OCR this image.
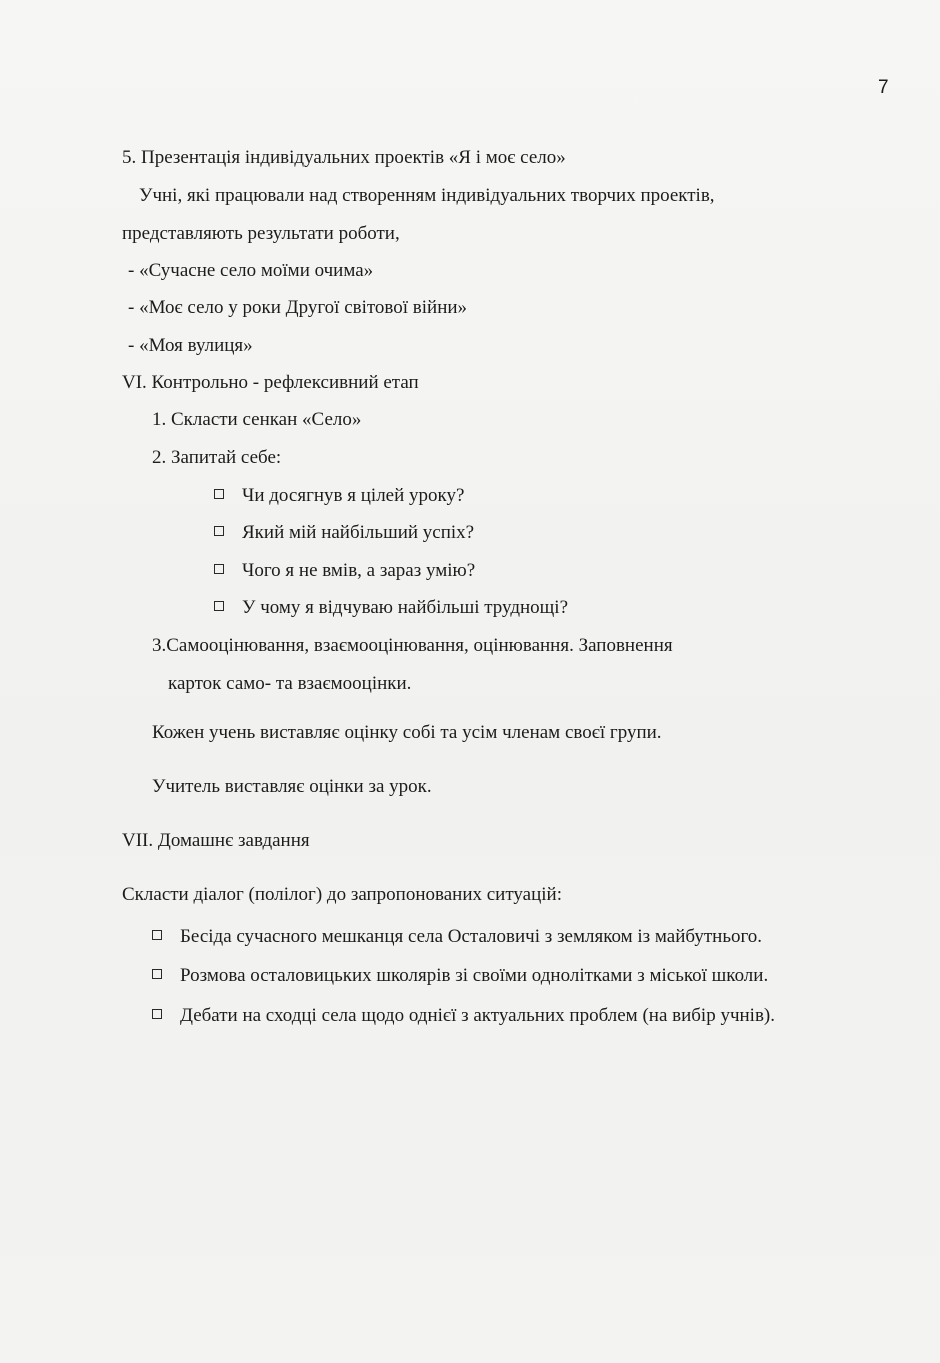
7
5. Презентація індивідуальних проектів «Я і моє село»
Учні, які працювали над створенням індивідуальних творчих проектів,
представляють результати роботи,
- «Сучасне село моїми очима»
- «Моє село у роки Другої світової війни»
- «Моя вулиця»
VI. Контрольно - рефлексивний етап
1. Скласти сенкан «Село»
2. Запитай себе:
Чи досягнув я цілей уроку?
Який мій найбільший успіх?
Чого я не вмів, а зараз умію?
У чому я відчуваю найбільші труднощі?
3.Самооцінювання, взаємооцінювання, оцінювання. Заповнення
карток само- та взаємооцінки.
Кожен учень виставляє оцінку собі та усім членам своєї групи.
Учитель виставляє оцінки за урок.
VII. Домашнє завдання
Скласти діалог (полілог) до запропонованих ситуацій:
Бесіда сучасного мешканця села Осталовичі з земляком із майбутнього.
Розмова осталовицьких школярів зі своїми однолітками з міської школи.
Дебати на сходці села щодо однієї з актуальних проблем (на вибір учнів).
